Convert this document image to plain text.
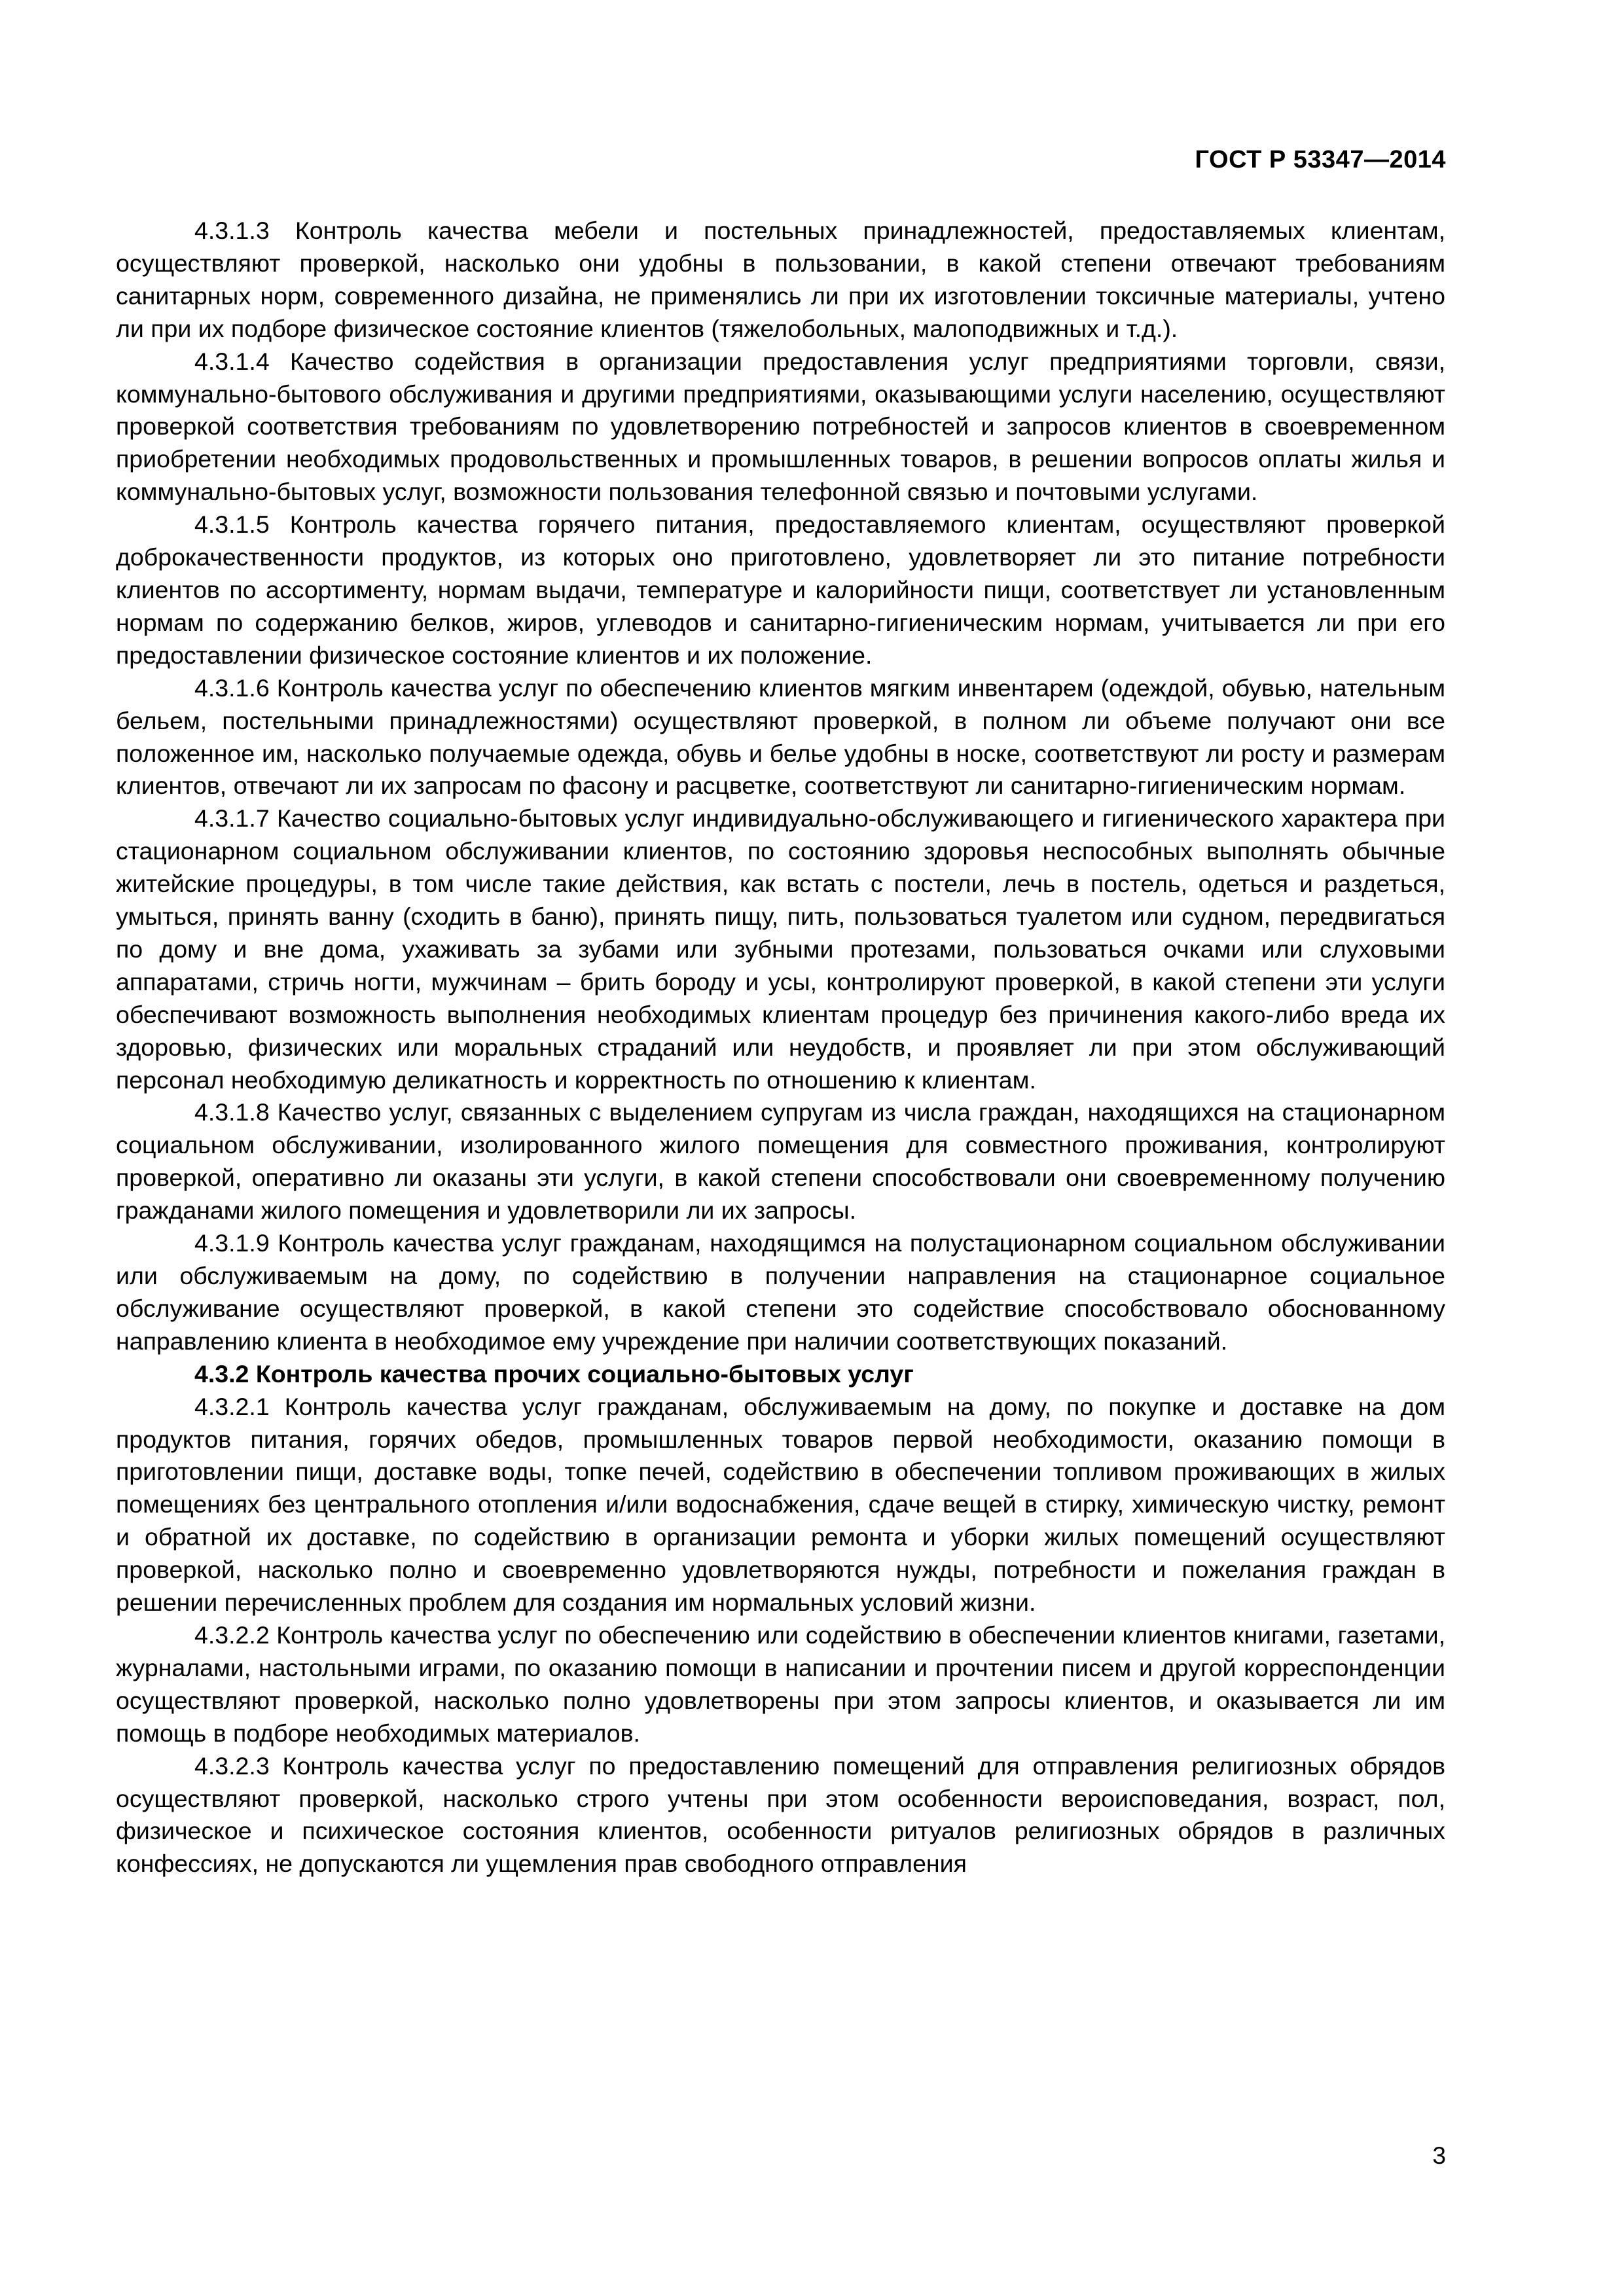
ГОСТ Р 53347—2014

4.3.1.3 Контроль качества мебели и постельных принадлежностей, предоставляемых клиентам, осуществляют проверкой, насколько они удобны в пользовании, в какой степени отвечают требованиям санитарных норм, современного дизайна, не применялись ли при их изготовлении токсичные материалы, учтено ли при их подборе физическое состояние клиентов (тяжелобольных, малоподвижных и т.д.).

4.3.1.4 Качество содействия в организации предоставления услуг предприятиями торговли, связи, коммунально-бытового обслуживания и другими предприятиями, оказывающими услуги населению, осуществляют проверкой соответствия требованиям по удовлетворению потребностей и запросов клиентов в своевременном приобретении необходимых продовольственных и промышленных товаров, в решении вопросов оплаты жилья и коммунально-бытовых услуг, возможности пользования телефонной связью и почтовыми услугами.

4.3.1.5 Контроль качества горячего питания, предоставляемого клиентам, осуществляют проверкой доброкачественности продуктов, из которых оно приготовлено, удовлетворяет ли это питание потребности клиентов по ассортименту, нормам выдачи, температуре и калорийности пищи, соответствует ли установленным нормам по содержанию белков, жиров, углеводов и санитарно-гигиеническим нормам, учитывается ли при его предоставлении физическое состояние клиентов и их положение.

4.3.1.6 Контроль качества услуг по обеспечению клиентов мягким инвентарем (одеждой, обувью, нательным бельем, постельными принадлежностями) осуществляют проверкой, в полном ли объеме получают они все положенное им, насколько получаемые одежда, обувь и белье удобны в носке, соответствуют ли росту и размерам клиентов, отвечают ли их запросам по фасону и расцветке, соответствуют ли санитарно-гигиеническим нормам.

4.3.1.7 Качество социально-бытовых услуг индивидуально-обслуживающего и гигиенического характера при стационарном социальном обслуживании клиентов, по состоянию здоровья неспособных выполнять обычные житейские процедуры, в том числе такие действия, как встать с постели, лечь в постель, одеться и раздеться, умыться, принять ванну (сходить в баню), принять пищу, пить, пользоваться туалетом или судном, передвигаться по дому и вне дома, ухаживать за зубами или зубными протезами, пользоваться очками или слуховыми аппаратами, стричь ногти, мужчинам – брить бороду и усы, контролируют проверкой, в какой степени эти услуги обеспечивают возможность выполнения необходимых клиентам процедур без причинения какого-либо вреда их здоровью, физических или моральных страданий или неудобств, и проявляет ли при этом обслуживающий персонал необходимую деликатность и корректность по отношению к клиентам.

4.3.1.8 Качество услуг, связанных с выделением супругам из числа граждан, находящихся на стационарном социальном обслуживании, изолированного жилого помещения для совместного проживания, контролируют проверкой, оперативно ли оказаны эти услуги, в какой степени способствовали они своевременному получению гражданами жилого помещения и удовлетворили ли их запросы.

4.3.1.9 Контроль качества услуг гражданам, находящимся на полустационарном социальном обслуживании или обслуживаемым на дому, по содействию в получении направления на стационарное социальное обслуживание осуществляют проверкой, в какой степени это содействие способствовало обоснованному направлению клиента в необходимое ему учреждение при наличии соответствующих показаний.

4.3.2 Контроль качества прочих социально-бытовых услуг

4.3.2.1 Контроль качества услуг гражданам, обслуживаемым на дому, по покупке и доставке на дом продуктов питания, горячих обедов, промышленных товаров первой необходимости, оказанию помощи в приготовлении пищи, доставке воды, топке печей, содействию в обеспечении топливом проживающих в жилых помещениях без центрального отопления и/или водоснабжения, сдаче вещей в стирку, химическую чистку, ремонт и обратной их доставке, по содействию в организации ремонта и уборки жилых помещений осуществляют проверкой, насколько полно и своевременно удовлетворяются нужды, потребности и пожелания граждан в решении перечисленных проблем для создания им нормальных условий жизни.

4.3.2.2 Контроль качества услуг по обеспечению или содействию в обеспечении клиентов книгами, газетами, журналами, настольными играми, по оказанию помощи в написании и прочтении писем и другой корреспонденции осуществляют проверкой, насколько полно удовлетворены при этом запросы клиентов, и оказывается ли им помощь в подборе необходимых материалов.

4.3.2.3 Контроль качества услуг по предоставлению помещений для отправления религиозных обрядов осуществляют проверкой, насколько строго учтены при этом особенности вероисповедания, возраст, пол, физическое и психическое состояния клиентов, особенности ритуалов религиозных обрядов в различных конфессиях, не допускаются ли ущемления прав свободного отправления

3
